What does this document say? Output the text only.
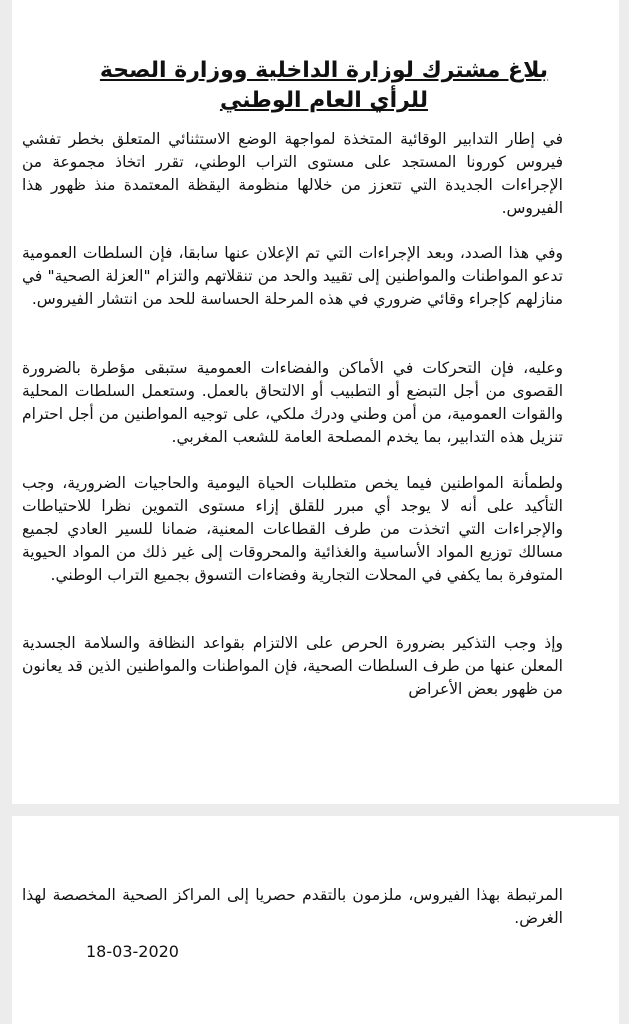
بلاغ مشترك لوزارة الداخلية ووزارة الصحة
للرأي العام الوطني

في إطار التدابير الوقائية المتخذة لمواجهة الوضع الاستثنائي المتعلق بخطر تفشي فيروس كورونا المستجد على مستوى التراب الوطني، تقرر اتخاذ مجموعة من الإجراءات الجديدة التي تتعزز من خلالها منظومة اليقظة المعتمدة منذ ظهور هذا الفيروس.

وفي هذا الصدد، وبعد الإجراءات التي تم الإعلان عنها سابقا، فإن السلطات العمومية تدعو المواطنات والمواطنين إلى تقييد والحد من تنقلاتهم والتزام "العزلة الصحية" في منازلهم كإجراء وقائي ضروري في هذه المرحلة الحساسة للحد من انتشار الفيروس.

وعليه، فإن التحركات في الأماكن والفضاءات العمومية ستبقى مؤطرة بالضرورة القصوى من أجل التبضع أو التطبيب أو الالتحاق بالعمل. وستعمل السلطات المحلية والقوات العمومية، من أمن وطني ودرك ملكي، على توجيه المواطنين من أجل احترام تنزيل هذه التدابير، بما يخدم المصلحة العامة للشعب المغربي.

ولطمأنة المواطنين فيما يخص متطلبات الحياة اليومية والحاجيات الضرورية، وجب التأكيد على أنه لا يوجد أي مبرر للقلق إزاء مستوى التموين نظرا للاحتياطات والإجراءات التي اتخذت من طرف القطاعات المعنية، ضمانا للسير العادي لجميع مسالك توزيع المواد الأساسية والغذائية والمحروقات إلى غير ذلك من المواد الحيوية المتوفرة بما يكفي في المحلات التجارية وفضاءات التسوق بجميع التراب الوطني.

وإذ وجب التذكير بضرورة الحرص على الالتزام بقواعد النظافة والسلامة الجسدية المعلن عنها من طرف السلطات الصحية، فإن المواطنات والمواطنين الذين قد يعانون من ظهور بعض الأعراض

المرتبطة بهذا الفيروس، ملزمون بالتقدم حصريا إلى المراكز الصحية المخصصة لهذا الغرض.

18-03-2020
